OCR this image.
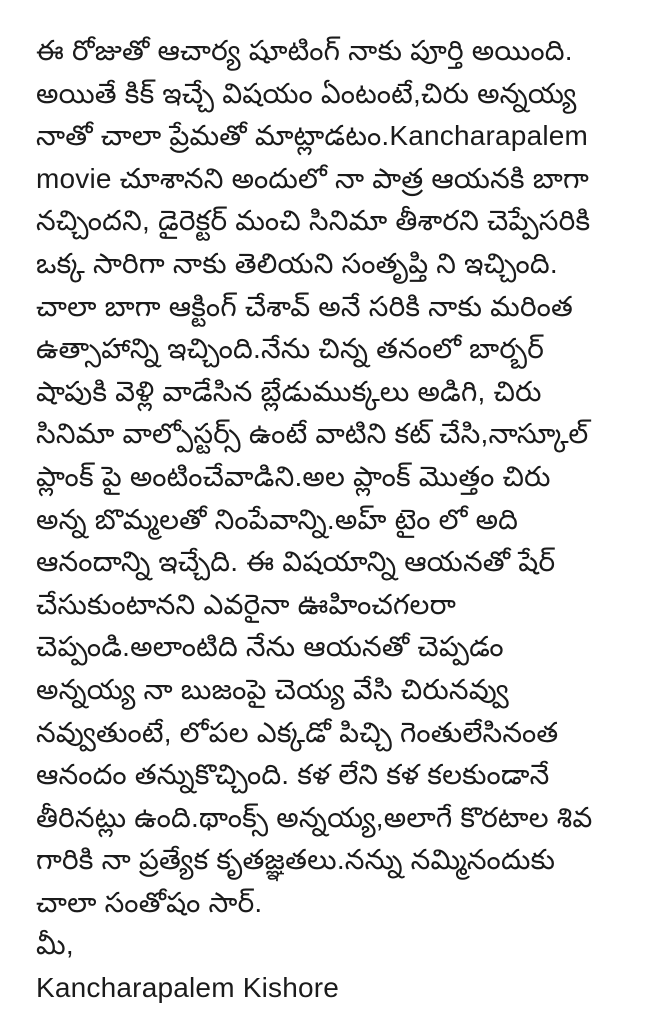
ఈ రోజుతో ఆచార్య షూటింగ్ నాకు పూర్తి అయింది.
అయితే కిక్ ఇచ్చే విషయం ఏంటంటే,చిరు అన్నయ్య
నాతో చాలా ప్రేమతో మాట్లాడటం.Kancharapalem
movie చూశానని అందులో నా పాత్ర ఆయనకి బాగా
నచ్చిందని, డైరెక్టర్ మంచి సినిమా తీశారని చెప్పేసరికి
ఒక్క సారిగా నాకు తెలియని సంతృప్తి ని ఇచ్చింది.
చాలా బాగా ఆక్టింగ్ చేశావ్ అనే సరికి నాకు మరింత
ఉత్సాహాన్ని ఇచ్చింది.నేను చిన్న తనంలో బార్బర్
షాపుకి వెళ్లి వాడేసిన బ్లేడుముక్కలు అడిగి, చిరు
సినిమా వాల్పోస్టర్స్ ఉంటే వాటిని కట్ చేసి,నాస్కూల్
ప్లాంక్ పై అంటించేవాడిని.అల ప్లాంక్ మొత్తం చిరు
అన్న బొమ్మలతో నింపేవాన్ని.అహ్ టైం లో అది
ఆనందాన్ని ఇచ్చేది. ఈ విషయాన్ని ఆయనతో షేర్
చేసుకుంటానని ఎవరైనా ఊహించగలరా
చెప్పండి.అలాంటిది నేను ఆయనతో చెప్పడం
అన్నయ్య నా బుజంపై చెయ్య వేసి చిరునవ్వు
నవ్వుతుంటే, లోపల ఎక్కడో పిచ్చి గెంతులేసినంత
ఆనందం తన్నుకొచ్చింది. కళ లేని కళ కలకుండానే
తీరినట్లు ఉంది.థాంక్స్ అన్నయ్య,అలాగే కొరటాల శివ
గారికి నా ప్రత్యేక కృతజ్ఞతలు.నన్ను నమ్మినందుకు
చాలా సంతోషం సార్.
మీ,
Kancharapalem Kishore
